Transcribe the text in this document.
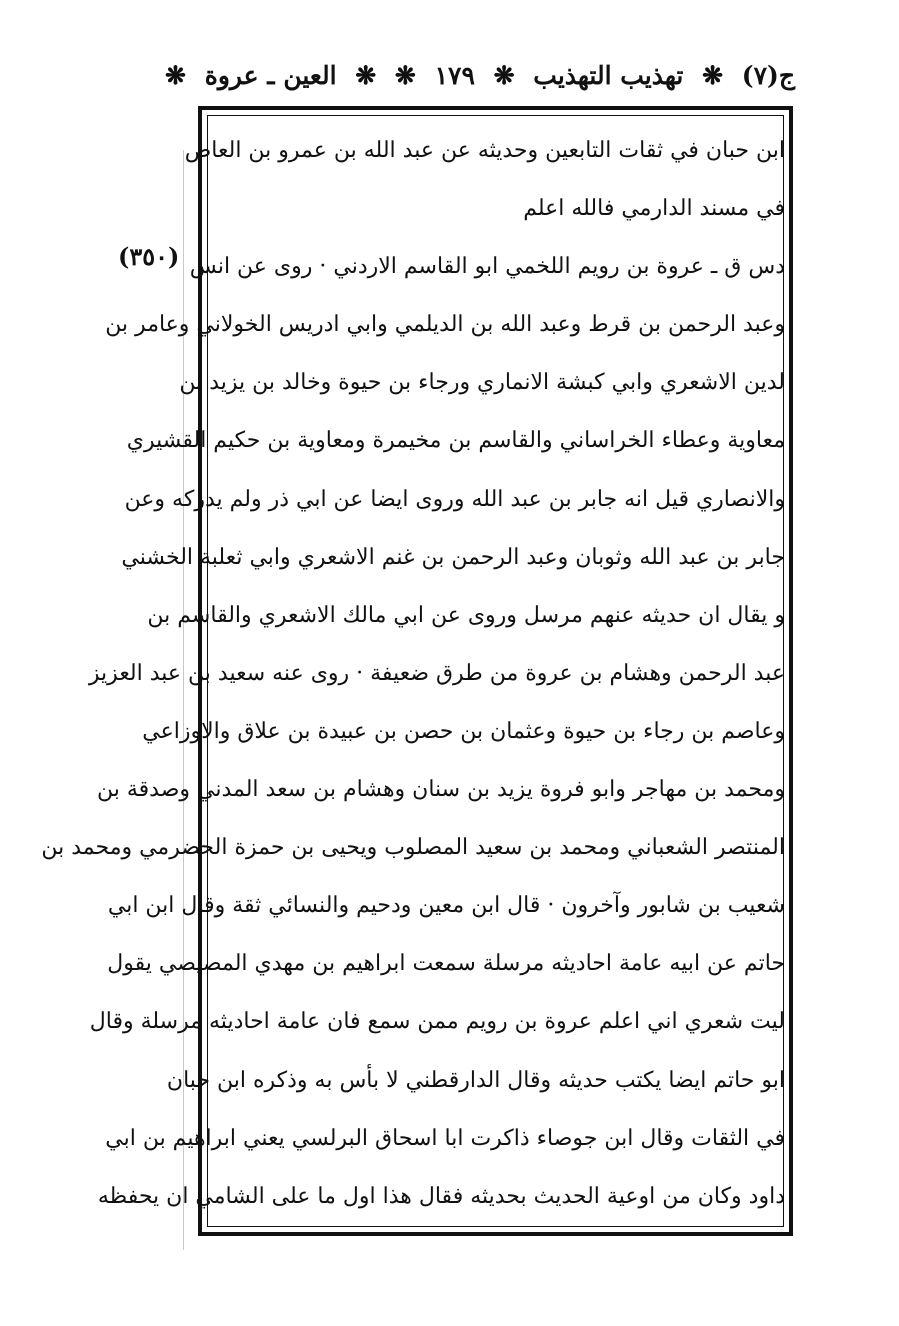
ج(٧)
❋
تهذيب التهذيب
❋
١٧٩
❋
❋
العين ـ عروة
❋
(٣٥٠)
ابن حبان في ثقات التابعين وحديثه عن عبد الله بن عمرو بن العاص
في مسند الدارمي فالله اعلم
دس ق ـ عروة بن رويم اللخمي ابو القاسم الاردني · روى عن انس
وعبد الرحمن بن قرط وعبد الله بن الديلمي وابي ادريس الخولاني وعامر بن
لدين الاشعري وابي كبشة الانماري ورجاء بن حيوة وخالد بن يزيد بن
معاوية وعطاء الخراساني والقاسم بن مخيمرة ومعاوية بن حكيم القشيري
والانصاري قيل انه جابر بن عبد الله وروى ايضا عن ابي ذر ولم يدركه وعن
جابر بن عبد الله وثوبان وعبد الرحمن بن غنم الاشعري وابي ثعلبة الخشني
و يقال ان حديثه عنهم مرسل وروى عن ابي مالك الاشعري والقاسم بن
عبد الرحمن وهشام بن عروة من طرق ضعيفة · روى عنه سعيد بن عبد العزيز
وعاصم بن رجاء بن حيوة وعثمان بن حصن بن عبيدة بن علاق والاوزاعي
ومحمد بن مهاجر وابو فروة يزيد بن سنان وهشام بن سعد المدني وصدقة بن
المنتصر الشعباني ومحمد بن سعيد المصلوب ويحيى بن حمزة الحضرمي ومحمد بن
شعيب بن شابور وآخرون · قال ابن معين ودحيم والنسائي ثقة وقال ابن ابي
حاتم عن ابيه عامة احاديثه مرسلة سمعت ابراهيم بن مهدي المصيصي يقول
ليت شعري اني اعلم عروة بن رويم ممن سمع فان عامة احاديثه مرسلة وقال
ابو حاتم ايضا يكتب حديثه وقال الدارقطني لا بأس به وذكره ابن حبان
في الثقات وقال ابن جوصاء ذاكرت ابا اسحاق البرلسي يعني ابراهيم بن ابي
داود وكان من اوعية الحديث بحديثه فقال هذا اول ما على الشامي ان يحفظه
